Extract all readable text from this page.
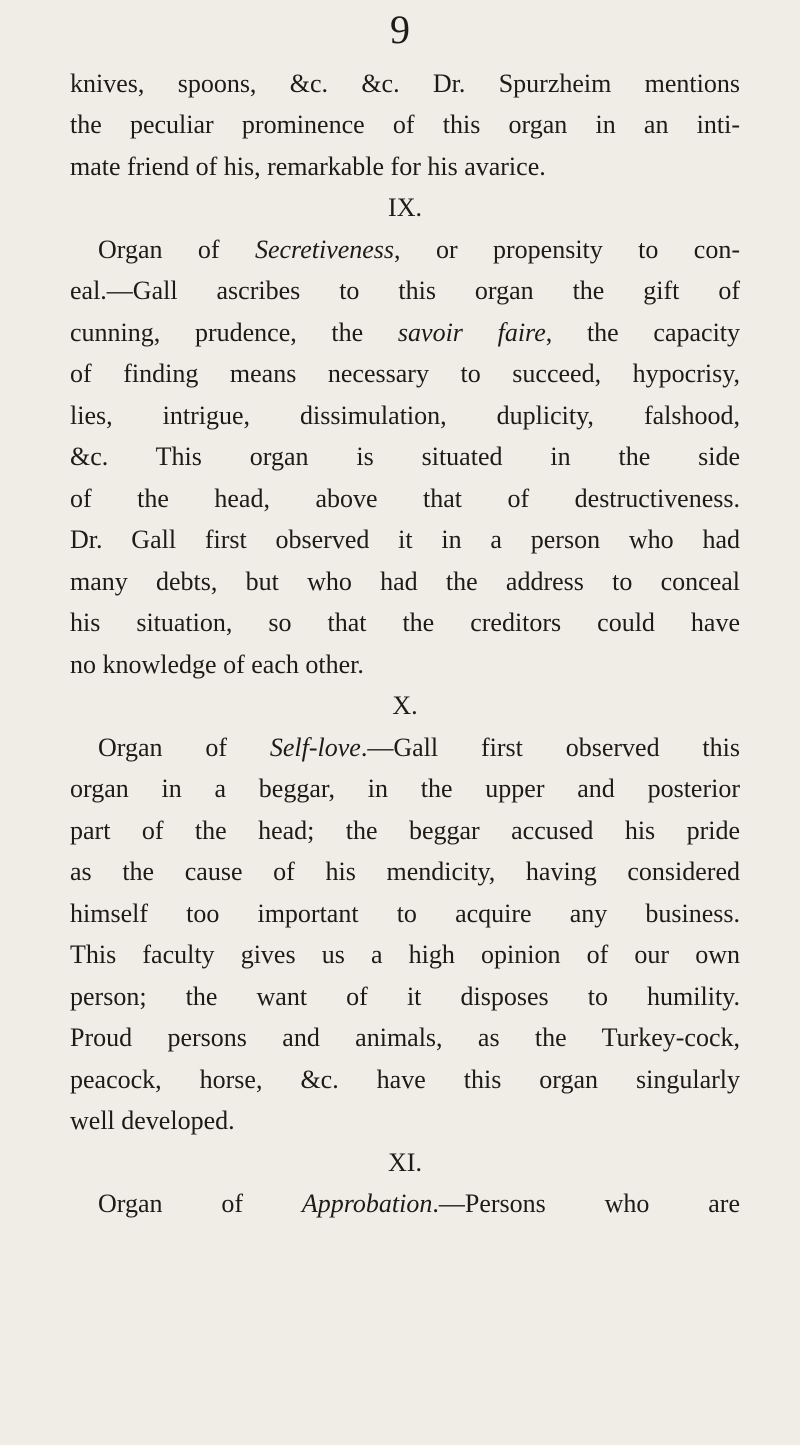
9
knives, spoons, &c. &c. Dr. Spurzheim mentions
the peculiar prominence of this organ in an inti-
mate friend of his, remarkable for his avarice.
IX.
Organ of Secretiveness, or propensity to con-
eal.—Gall ascribes to this organ the gift of
cunning, prudence, the savoir faire, the capacity
of finding means necessary to succeed, hypocrisy,
lies, intrigue, dissimulation, duplicity, falshood,
&c. This organ is situated in the side
of the head, above that of destructiveness.
Dr. Gall first observed it in a person who had
many debts, but who had the address to conceal
his situation, so that the creditors could have
no knowledge of each other.
X.
Organ of Self-love.—Gall first observed this
organ in a beggar, in the upper and posterior
part of the head; the beggar accused his pride
as the cause of his mendicity, having considered
himself too important to acquire any business.
This faculty gives us a high opinion of our own
person; the want of it disposes to humility.
Proud persons and animals, as the Turkey-cock,
peacock, horse, &c. have this organ singularly
well developed.
XI.
Organ of Approbation.—Persons who are
